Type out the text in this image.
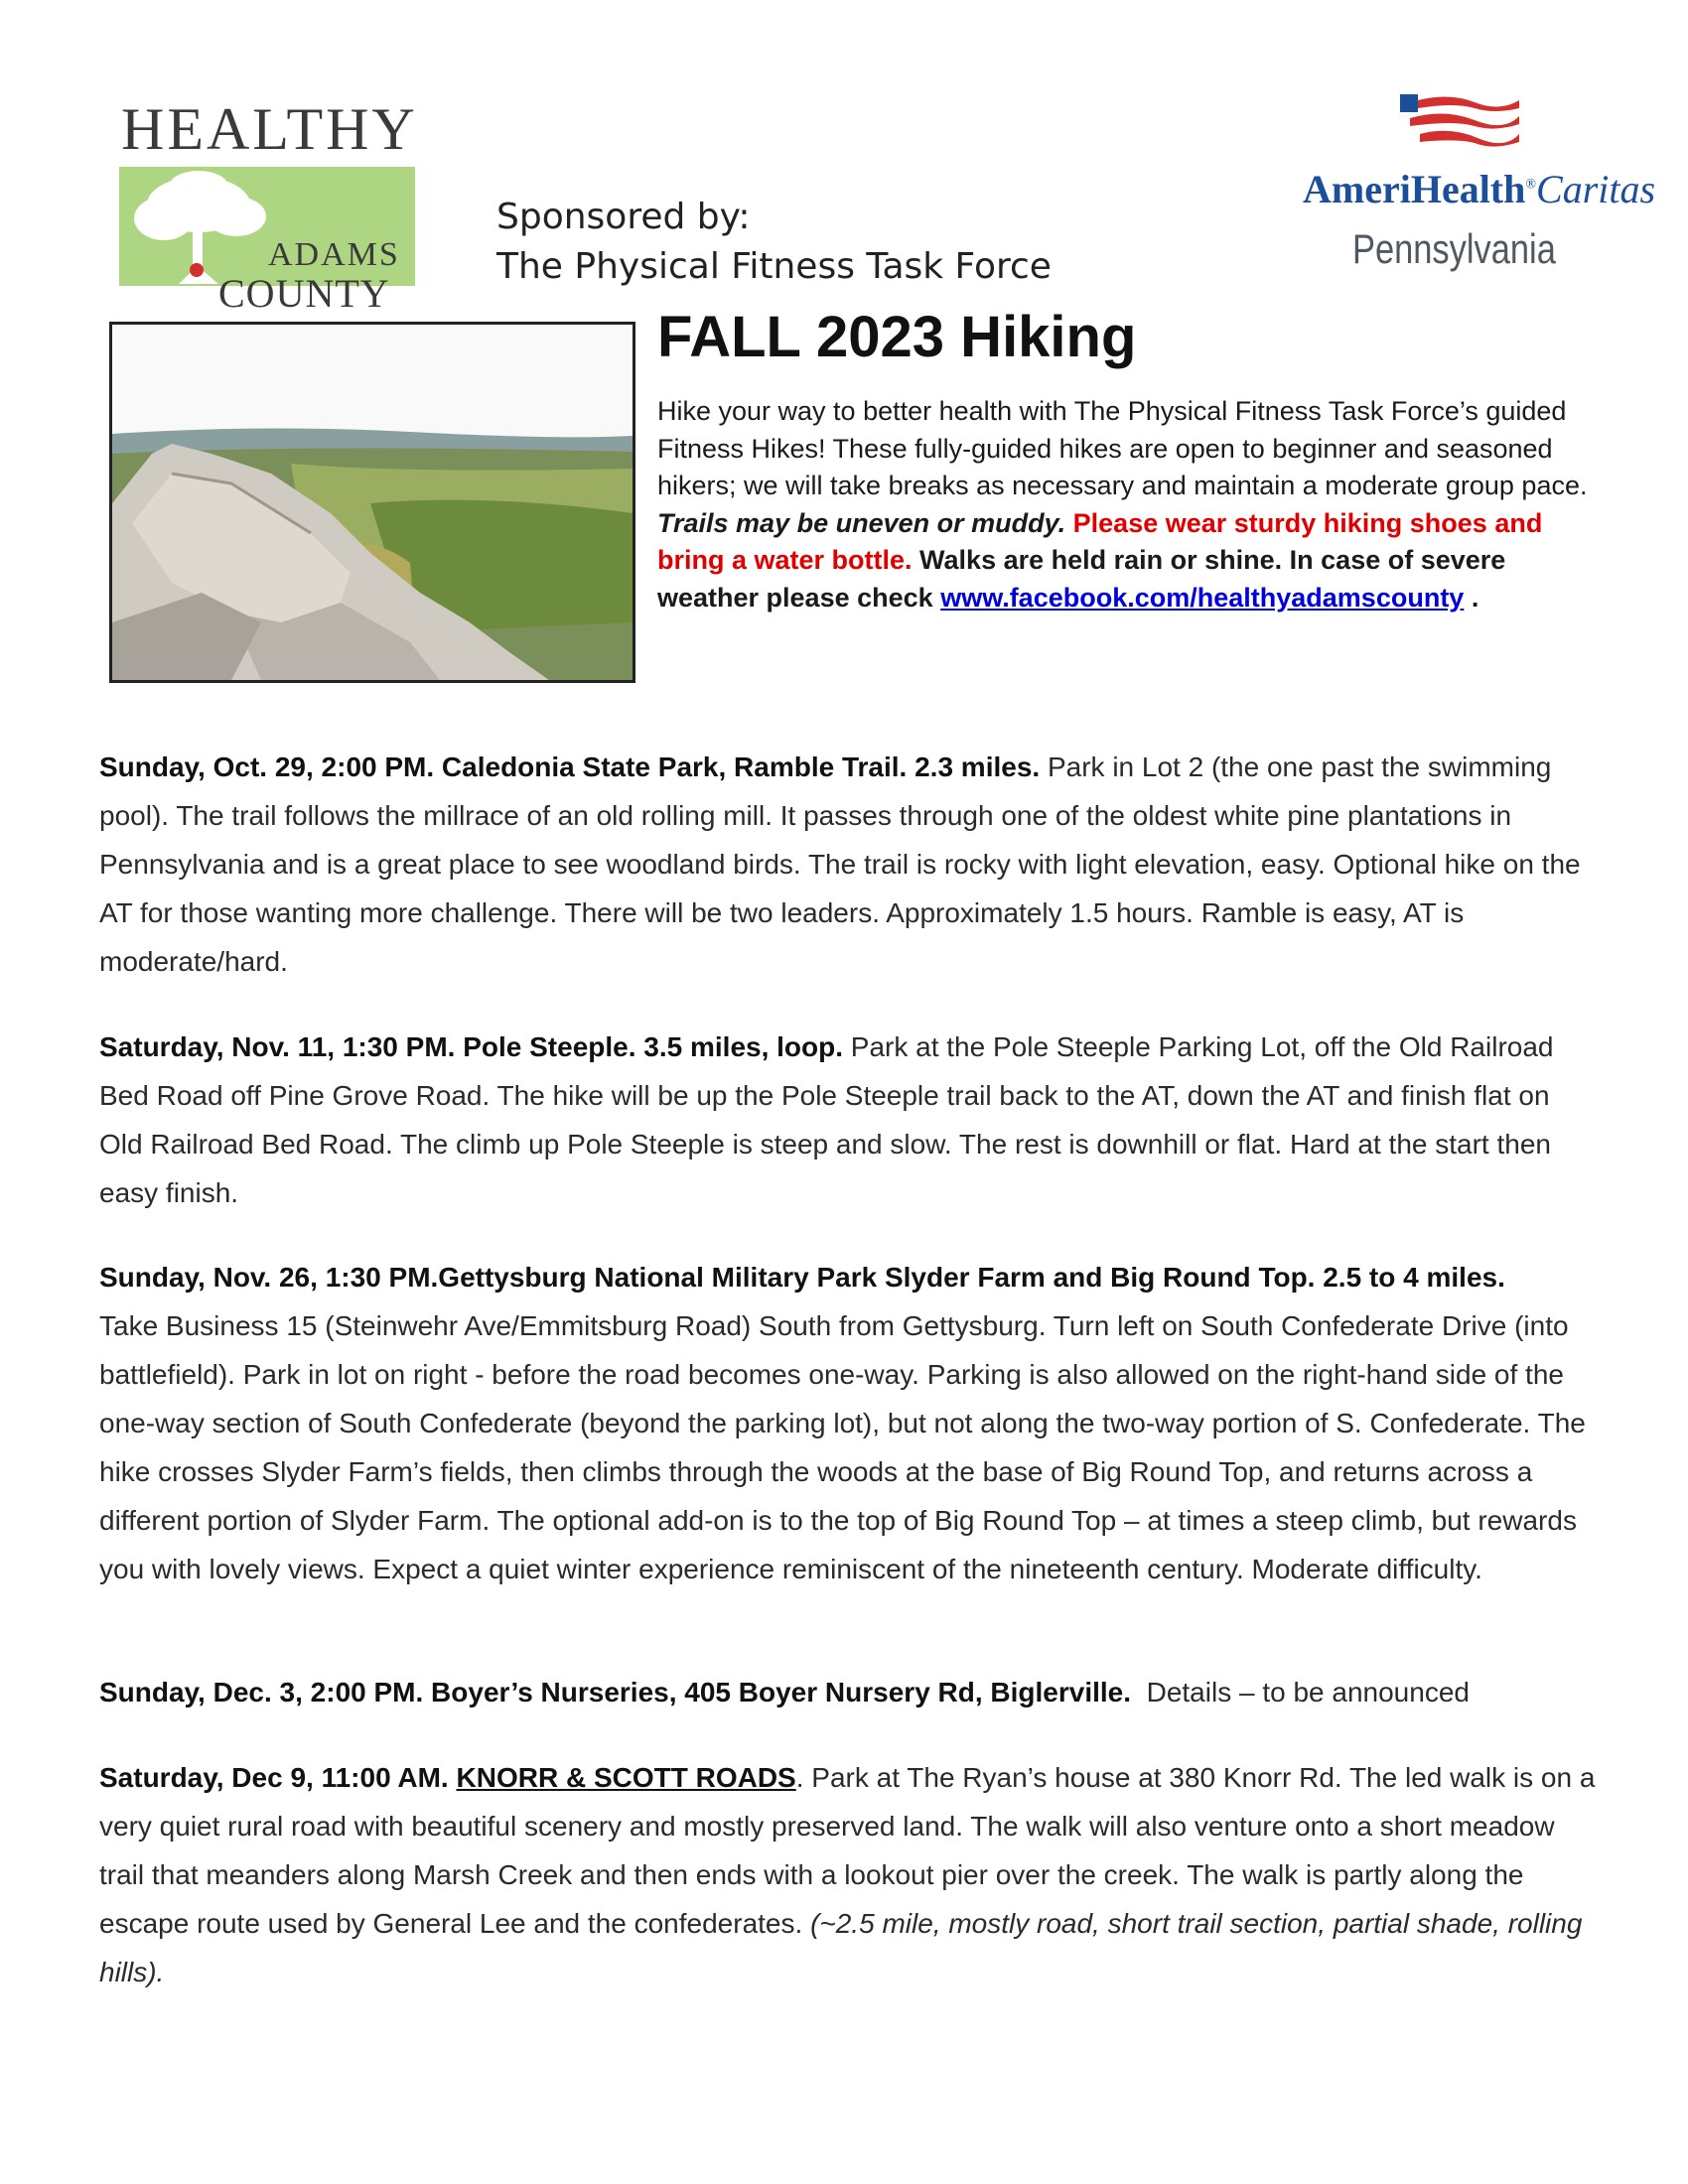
HEALTHY
ADAMS
COUNTY
Sponsored by:
The Physical Fitness Task Force
AmeriHealth®Caritas
Pennsylvania
FALL 2023 Hiking
Hike your way to better health with The Physical Fitness Task Force’s guided Fitness Hikes! These fully-guided hikes are open to beginner and seasoned hikers; we will take breaks as necessary and maintain a moderate group pace.
Trails may be uneven or muddy. Please wear sturdy hiking shoes and bring a water bottle. Walks are held rain or shine. In case of severe weather please check www.facebook.com/healthyadamscounty .
Sunday, Oct. 29, 2:00 PM. Caledonia State Park, Ramble Trail. 2.3 miles. Park in Lot 2 (the one past the swimming pool). The trail follows the millrace of an old rolling mill. It passes through one of the oldest white pine plantations in Pennsylvania and is a great place to see woodland birds. The trail is rocky with light elevation, easy. Optional hike on the AT for those wanting more challenge. There will be two leaders. Approximately 1.5 hours. Ramble is easy, AT is moderate/hard.
Saturday, Nov. 11, 1:30 PM. Pole Steeple. 3.5 miles, loop. Park at the Pole Steeple Parking Lot, off the Old Railroad Bed Road off Pine Grove Road. The hike will be up the Pole Steeple trail back to the AT, down the AT and finish flat on Old Railroad Bed Road. The climb up Pole Steeple is steep and slow. The rest is downhill or flat. Hard at the start then easy finish.
Sunday, Nov. 26, 1:30 PM.Gettysburg National Military Park Slyder Farm and Big Round Top. 2.5 to 4 miles.
Take Business 15 (Steinwehr Ave/Emmitsburg Road) South from Gettysburg. Turn left on South Confederate Drive (into battlefield). Park in lot on right - before the road becomes one-way. Parking is also allowed on the right-hand side of the one-way section of South Confederate (beyond the parking lot), but not along the two-way portion of S. Confederate. The hike crosses Slyder Farm’s fields, then climbs through the woods at the base of Big Round Top, and returns across a different portion of Slyder Farm. The optional add-on is to the top of Big Round Top – at times a steep climb, but rewards you with lovely views. Expect a quiet winter experience reminiscent of the nineteenth century. Moderate difficulty.
Sunday, Dec. 3, 2:00 PM. Boyer’s Nurseries, 405 Boyer Nursery Rd, Biglerville. Details – to be announced
Saturday, Dec 9, 11:00 AM. KNORR & SCOTT ROADS. Park at The Ryan’s house at 380 Knorr Rd. The led walk is on a very quiet rural road with beautiful scenery and mostly preserved land. The walk will also venture onto a short meadow trail that meanders along Marsh Creek and then ends with a lookout pier over the creek. The walk is partly along the escape route used by General Lee and the confederates. (~2.5 mile, mostly road, short trail section, partial shade, rolling hills).
